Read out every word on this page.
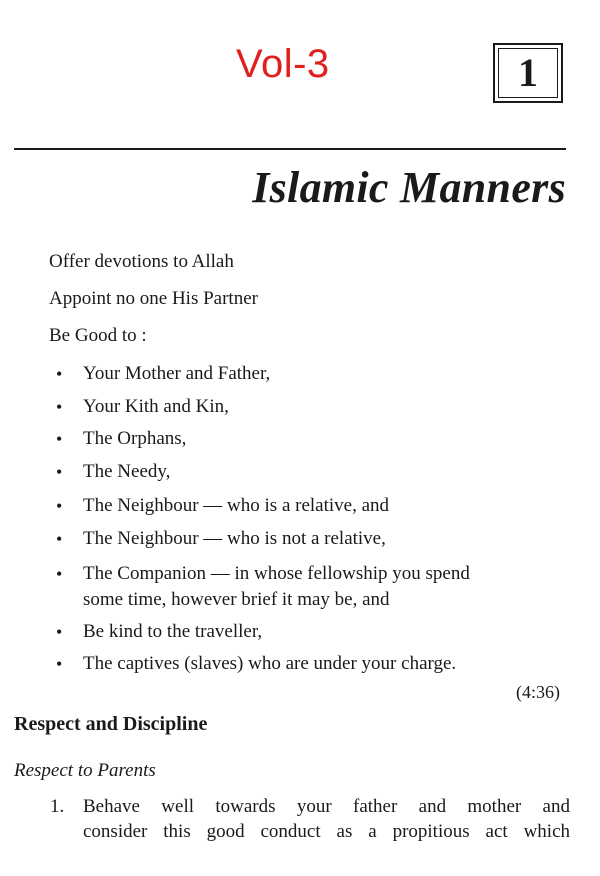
Vol-3	1
Islamic Manners
Offer devotions to Allah
Appoint no one His Partner
Be Good to :
• Your Mother and Father,
• Your Kith and Kin,
• The Orphans,
• The Needy,
• The Neighbour — who is a relative, and
• The Neighbour — who is not a relative,
• The Companion — in whose fellowship you spend
some time, however brief it may be, and
• Be kind to the traveller,
• The captives (slaves) who are under your charge.
(4:36)
Respect and Discipline
Respect to Parents
1. Behave well towards your father and mother and
consider this good conduct as a propitious act which
